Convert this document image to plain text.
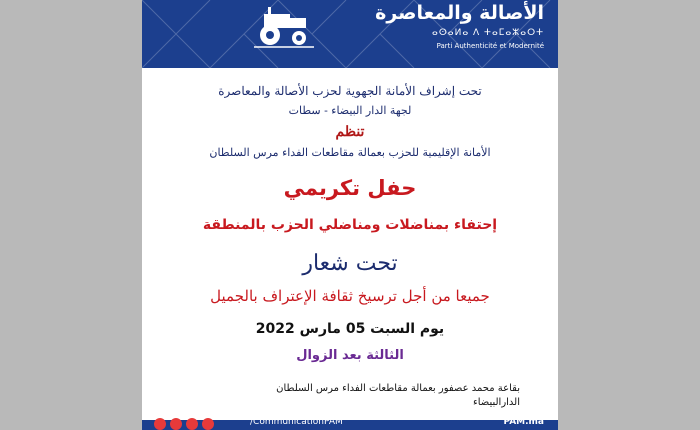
الأصالة والمعاصرة
ⴰⵙⴰⵍⴰ ⴷ ⵜⴰⵎⴰⵣⴰⵔⵜ
Parti Authenticité et Modernité
تحت إشراف الأمانة الجهوية لحزب الأصالة والمعاصرة
لجهة الدار البيضاء - سطات
تنظم
الأمانة الإقليمية للحزب بعمالة مقاطعات الفداء مرس السلطان
حفل تكريمي
إحتفاء بمناضلات ومناضلي الحزب بالمنطقة
تحت شعار
جميعا من أجل ترسيخ ثقافة الإعتراف بالجميل
يوم السبت 05 مارس 2022
الثالثة بعد الزوال
بقاعة محمد عصفور بعمالة مقاطعات الفداء مرس السلطان
الدارالبيضاء
/CommunicationPAM	PAM.ma
